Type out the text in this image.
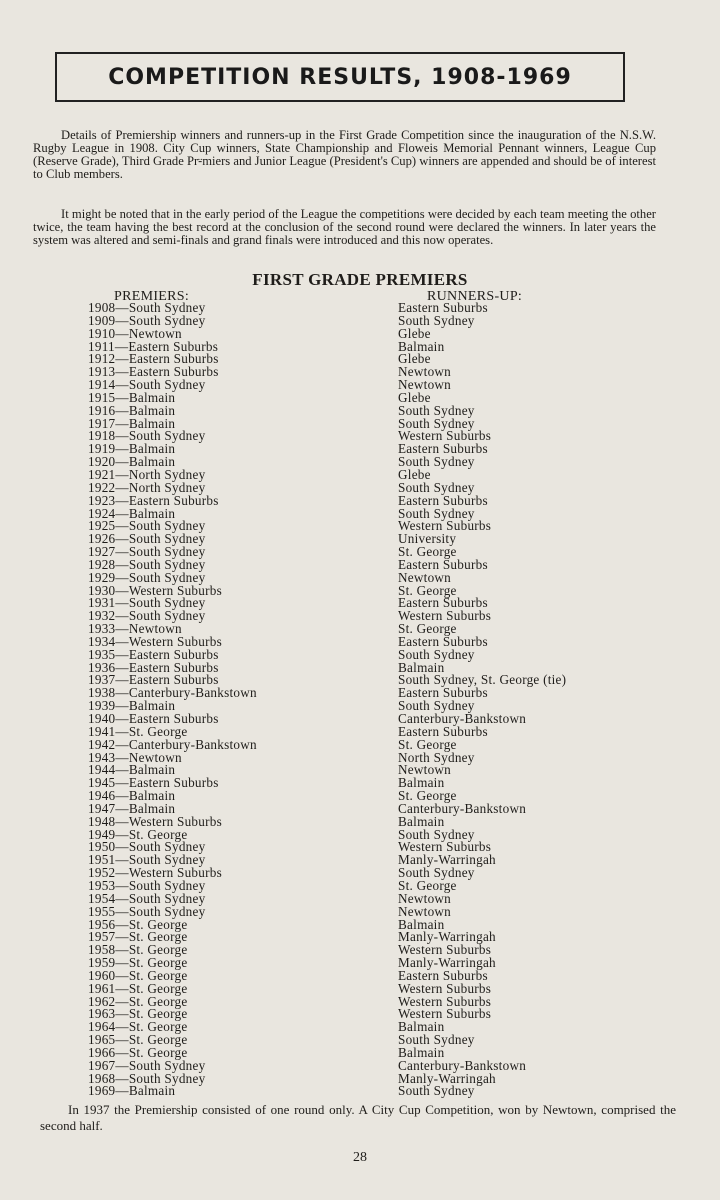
COMPETITION RESULTS, 1908-1969

Details of Premiership winners and runners-up in the First Grade Competition since the inauguration of the N.S.W. Rugby League in 1908. City Cup winners, State Championship and Floweіs Memorial Pennant winners, League Cup (Reserve Grade), Third Grade Pr⸚miers and Junior League (President's Cup) winners are appended and should be of interest to Club members.

It might be noted that in the early period of the League the competitions were decided by each team meeting the other twice, the team having the best record at the conclusion of the second round were declared the winners. In later years the system was altered and semi-finals and grand finals were introduced and this now operates.

FIRST GRADE PREMIERS
PREMIERS:	RUNNERS-UP:
1908—South Sydney
1909—South Sydney
1910—Newtown
1911—Eastern Suburbs
1912—Eastern Suburbs
1913—Eastern Suburbs
1914—South Sydney
1915—Balmain
1916—Balmain
1917—Balmain
1918—South Sydney
1919—Balmain
1920—Balmain
1921—North Sydney
1922—North Sydney
1923—Eastern Suburbs
1924—Balmain
1925—South Sydney
1926—South Sydney
1927—South Sydney
1928—South Sydney
1929—South Sydney
1930—Western Suburbs
1931—South Sydney
1932—South Sydney
1933—Newtown
1934—Western Suburbs
1935—Eastern Suburbs
1936—Eastern Suburbs
1937—Eastern Suburbs
1938—Canterbury-Bankstown
1939—Balmain
1940—Eastern Suburbs
1941—St. George
1942—Canterbury-Bankstown
1943—Newtown
1944—Balmain
1945—Eastern Suburbs
1946—Balmain
1947—Balmain
1948—Western Suburbs
1949—St. George
1950—South Sydney
1951—South Sydney
1952—Western Suburbs
1953—South Sydney
1954—South Sydney
1955—South Sydney
1956—St. George
1957—St. George
1958—St. George
1959—St. George
1960—St. George
1961—St. George
1962—St. George
1963—St. George
1964—St. George
1965—St. George
1966—St. George
1967—South Sydney
1968—South Sydney
1969—Balmain
Eastern Suburbs
South Sydney
Glebe
Balmain
Glebe
Newtown
Newtown
Glebe
South Sydney
South Sydney
Western Suburbs
Eastern Suburbs
South Sydney
Glebe
South Sydney
Eastern Suburbs
South Sydney
Western Suburbs
University
St. George
Eastern Suburbs
Newtown
St. George
Eastern Suburbs
Western Suburbs
St. George
Eastern Suburbs
South Sydney
Balmain
South Sydney, St. George (tie)
Eastern Suburbs
South Sydney
Canterbury-Bankstown
Eastern Suburbs
St. George
North Sydney
Newtown
Balmain
St. George
Canterbury-Bankstown
Balmain
South Sydney
Western Suburbs
Manly-Warringah
South Sydney
St. George
Newtown
Newtown
Balmain
Manly-Warringah
Western Suburbs
Manly-Warringah
Eastern Suburbs
Western Suburbs
Western Suburbs
Western Suburbs
Balmain
South Sydney
Balmain
Canterbury-Bankstown
Manly-Warringah
South Sydney

In 1937 the Premiership consisted of one round only. A City Cup Competition, won by Newtown, comprised the second half.

28
